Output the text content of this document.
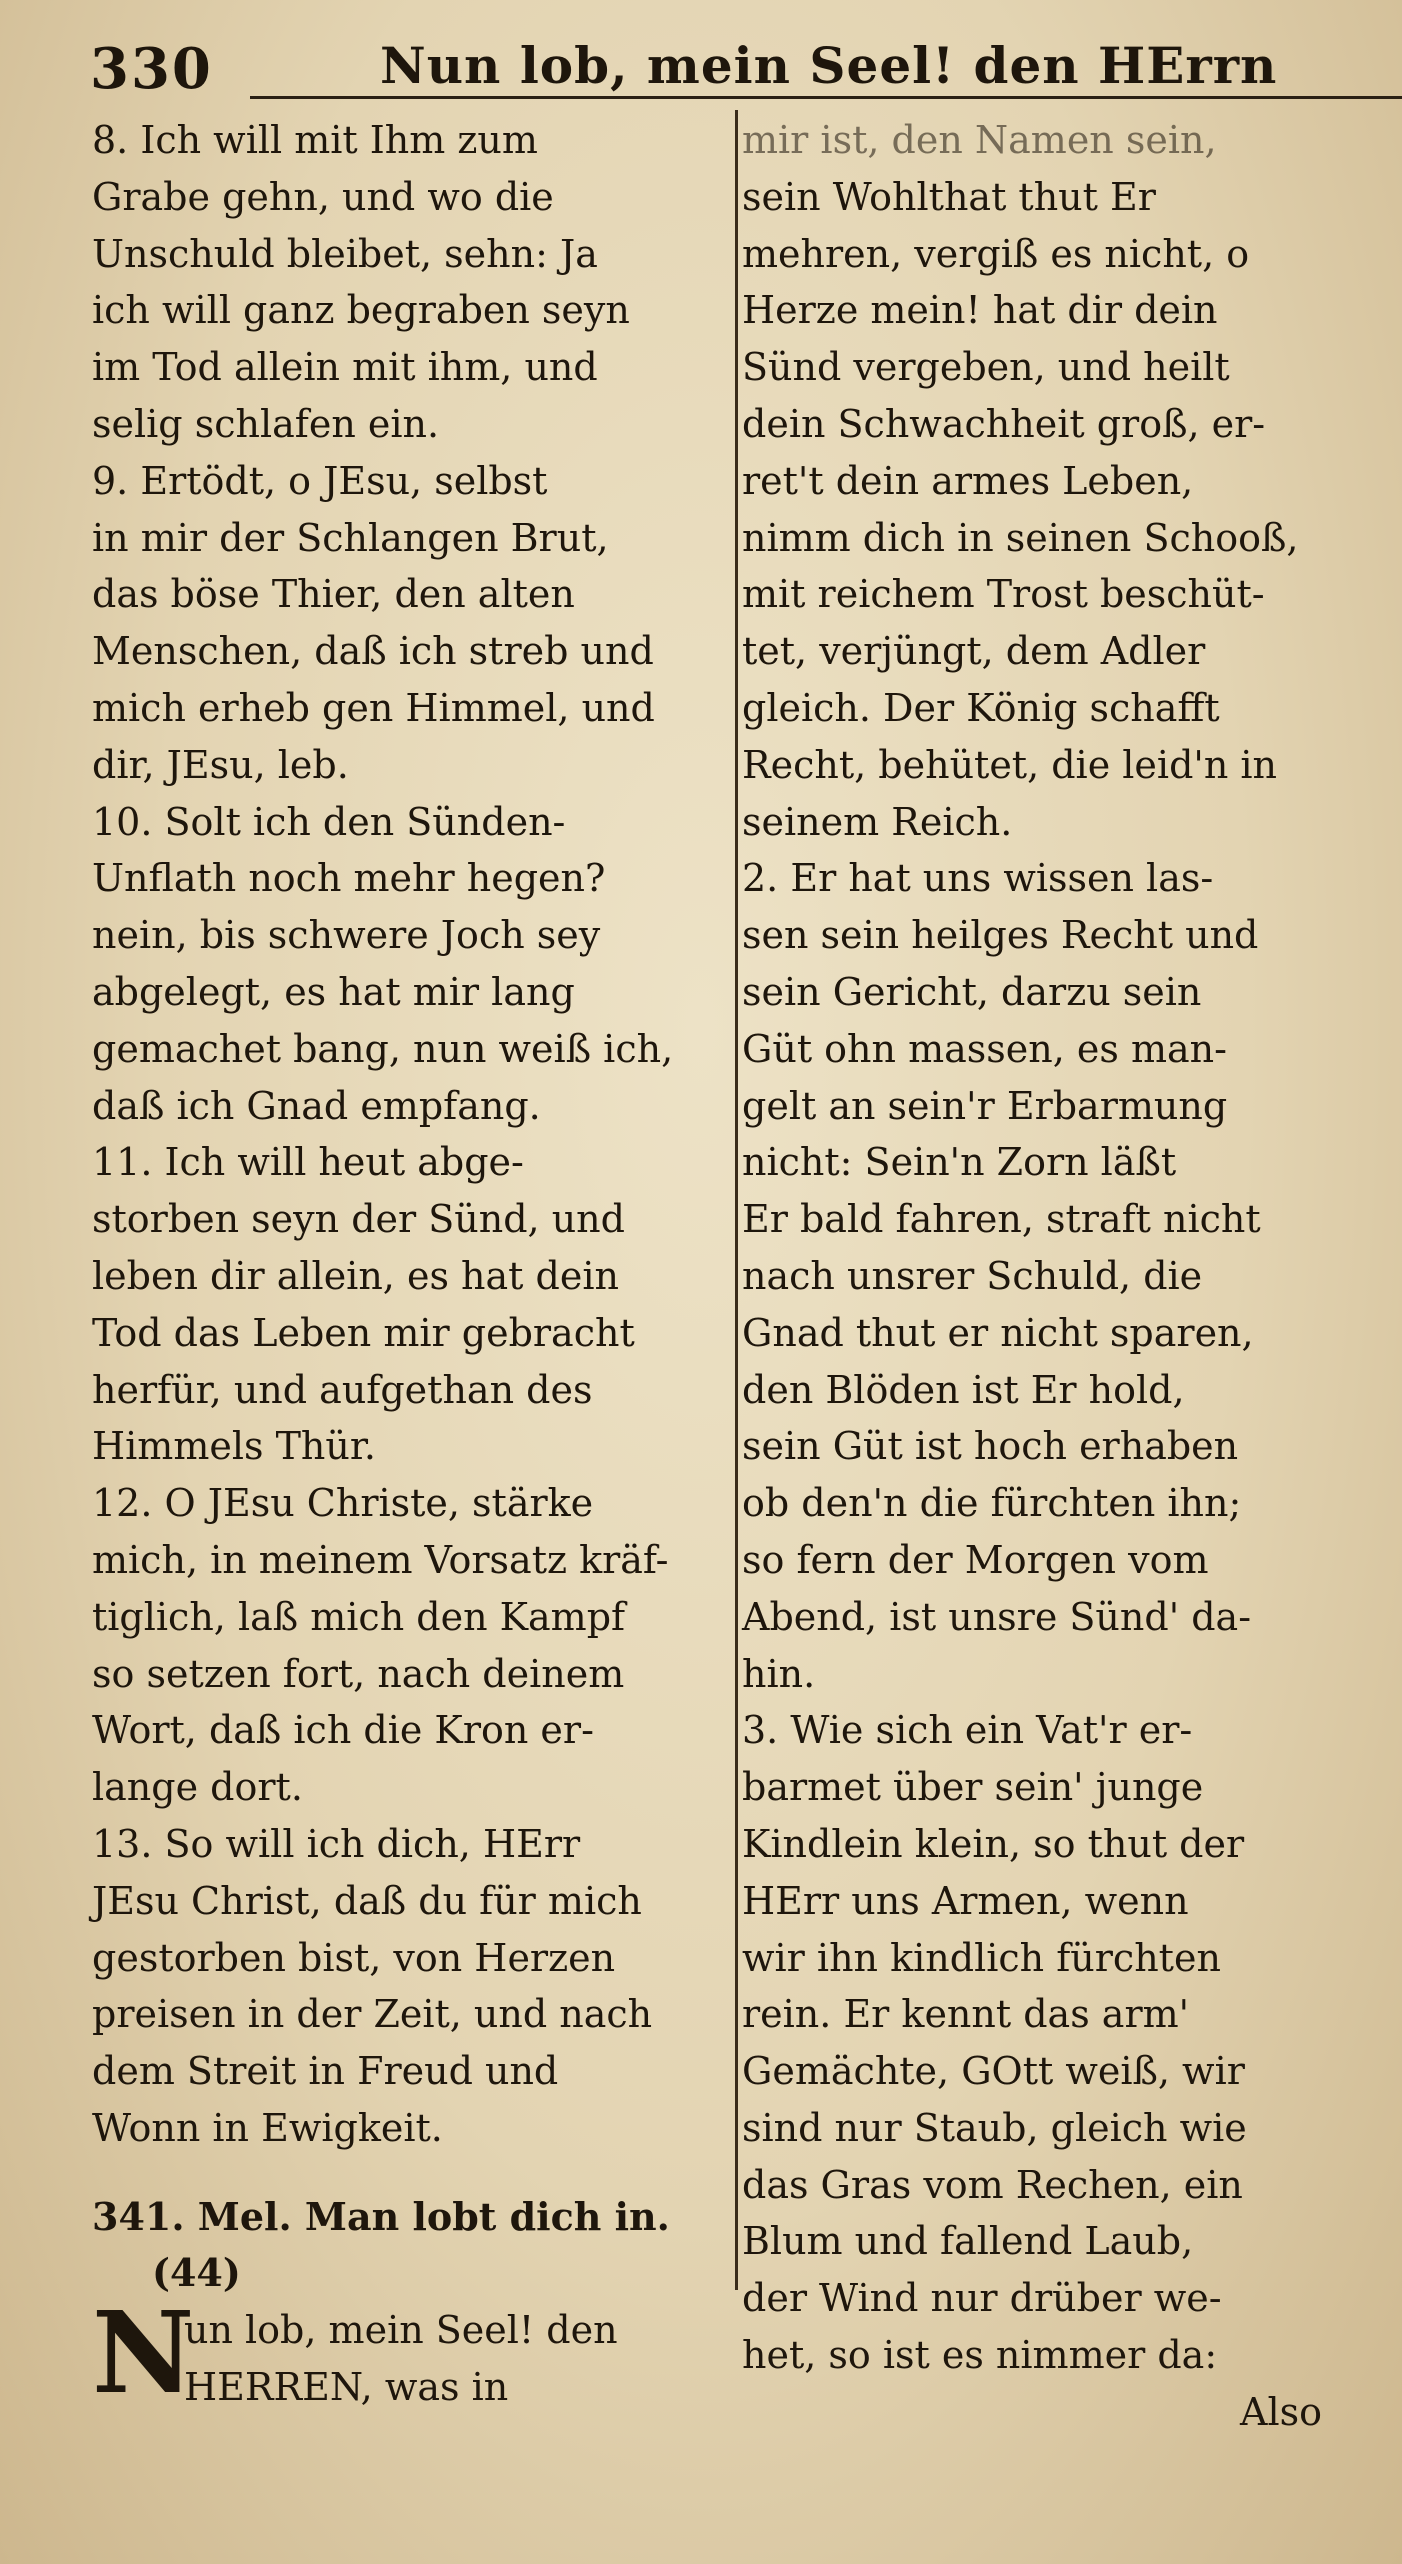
330	Nun lob, mein Seel! den HErrn
8. Ich will mit Ihm zum
Grabe gehn, und wo die
Unschuld bleibet, sehn: Ja
ich will ganz begraben seyn
im Tod allein mit ihm, und
selig schlafen ein.
9. Ertödt, o JEsu, selbst
in mir der Schlangen Brut,
das böse Thier, den alten
Menschen, daß ich streb und
mich erheb gen Himmel, und
dir, JEsu, leb.
10. Solt ich den Sünden-
Unflath noch mehr hegen?
nein, bis schwere Joch sey
abgelegt, es hat mir lang
gemachet bang, nun weiß ich,
daß ich Gnad empfang.
11. Ich will heut abge-
storben seyn der Sünd, und
leben dir allein, es hat dein
Tod das Leben mir gebracht
herfür, und aufgethan des
Himmels Thür.
12. O JEsu Christe, stärke
mich, in meinem Vorsatz kräf-
tiglich, laß mich den Kampf
so setzen fort, nach deinem
Wort, daß ich die Kron er-
lange dort.
13. So will ich dich, HErr
JEsu Christ, daß du für mich
gestorben bist, von Herzen
preisen in der Zeit, und nach
dem Streit in Freud und
Wonn in Ewigkeit.
341. Mel. Man lobt dich in.
(44)
N
un lob, mein Seel! den
HERREN, was in
mir ist, den Namen sein,
sein Wohlthat thut Er
mehren, vergiß es nicht, o
Herze mein! hat dir dein
Sünd vergeben, und heilt
dein Schwachheit groß, er-
ret't dein armes Leben,
nimm dich in seinen Schooß,
mit reichem Trost beschüt-
tet, verjüngt, dem Adler
gleich. Der König schafft
Recht, behütet, die leid'n in
seinem Reich.
2. Er hat uns wissen las-
sen sein heilges Recht und
sein Gericht, darzu sein
Güt ohn massen, es man-
gelt an sein'r Erbarmung
nicht: Sein'n Zorn läßt
Er bald fahren, straft nicht
nach unsrer Schuld, die
Gnad thut er nicht sparen,
den Blöden ist Er hold,
sein Güt ist hoch erhaben
ob den'n die fürchten ihn;
so fern der Morgen vom
Abend, ist unsre Sünd' da-
hin.
3. Wie sich ein Vat'r er-
barmet über sein' junge
Kindlein klein, so thut der
HErr uns Armen, wenn
wir ihn kindlich fürchten
rein. Er kennt das arm'
Gemächte, GOtt weiß, wir
sind nur Staub, gleich wie
das Gras vom Rechen, ein
Blum und fallend Laub,
der Wind nur drüber we-
het, so ist es nimmer da:
Also
